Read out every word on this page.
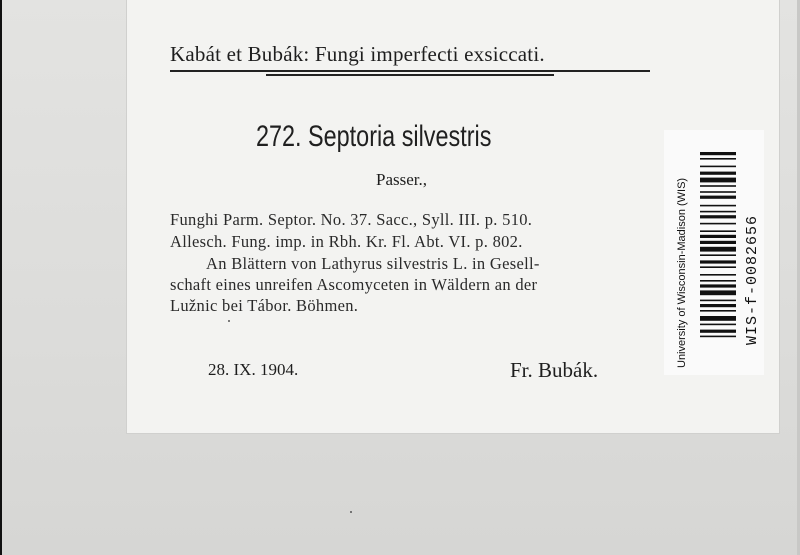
Kabát et Bubák: Fungi imperfecti exsiccati.
272. Septoria silvestris
Passer.,
Funghi Parm. Septor. No. 37. Sacc., Syll. III. p. 510.
Allesch. Fung. imp. in Rbh. Kr. Fl. Abt. VI. p. 802.
An Blättern von Lathyrus silvestris L. in Gesell-
schaft eines unreifen Ascomyceten in Wäldern an der
Lužnic bei Tábor. Böhmen.
28. IX. 1904.	Fr. Bubák.
University of Wisconsin-Madison (WIS)	WIS-f-0082656
